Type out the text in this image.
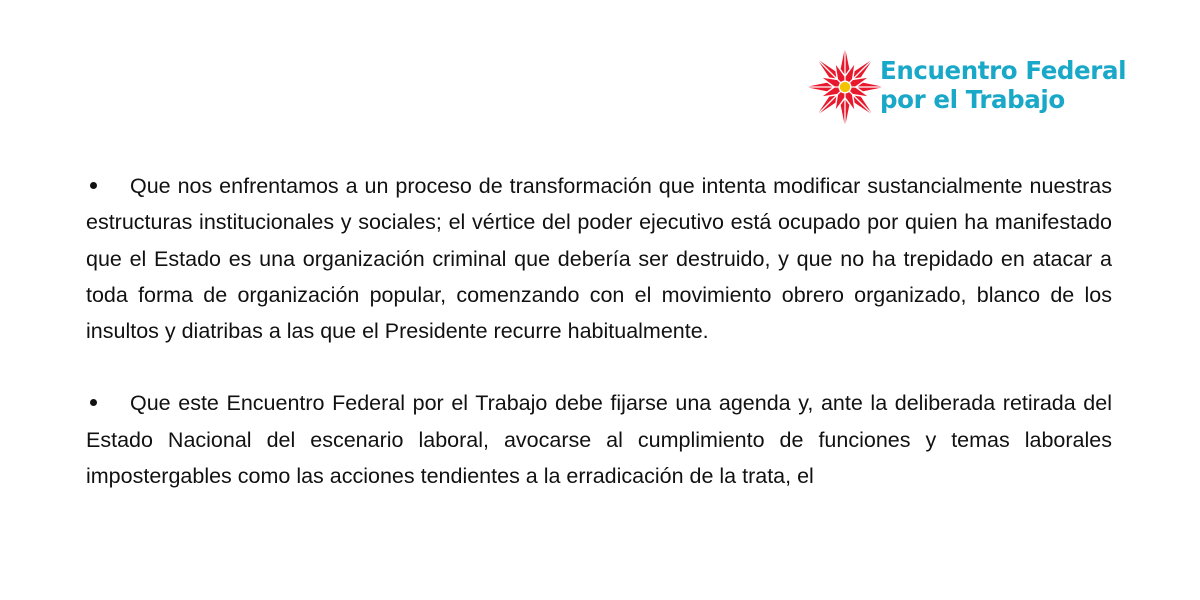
Encuentro Federal
por el Trabajo

Que nos enfrentamos a un proceso de transformación que intenta modificar sustancialmente nuestras estructuras institucionales y sociales; el vértice del poder ejecutivo está ocupado por quien ha manifestado que el Estado es una organización criminal que debería ser destruido, y que no ha trepidado en atacar a toda forma de organización popular, comenzando con el movimiento obrero organizado, blanco de los insultos y diatribas a las que el Presidente recurre habitualmente.

Que este Encuentro Federal por el Trabajo debe fijarse una agenda y, ante la deliberada retirada del Estado Nacional del escenario laboral, avocarse al cumplimiento de funciones y temas laborales impostergables como las acciones tendientes a la erradicación de la trata, el
